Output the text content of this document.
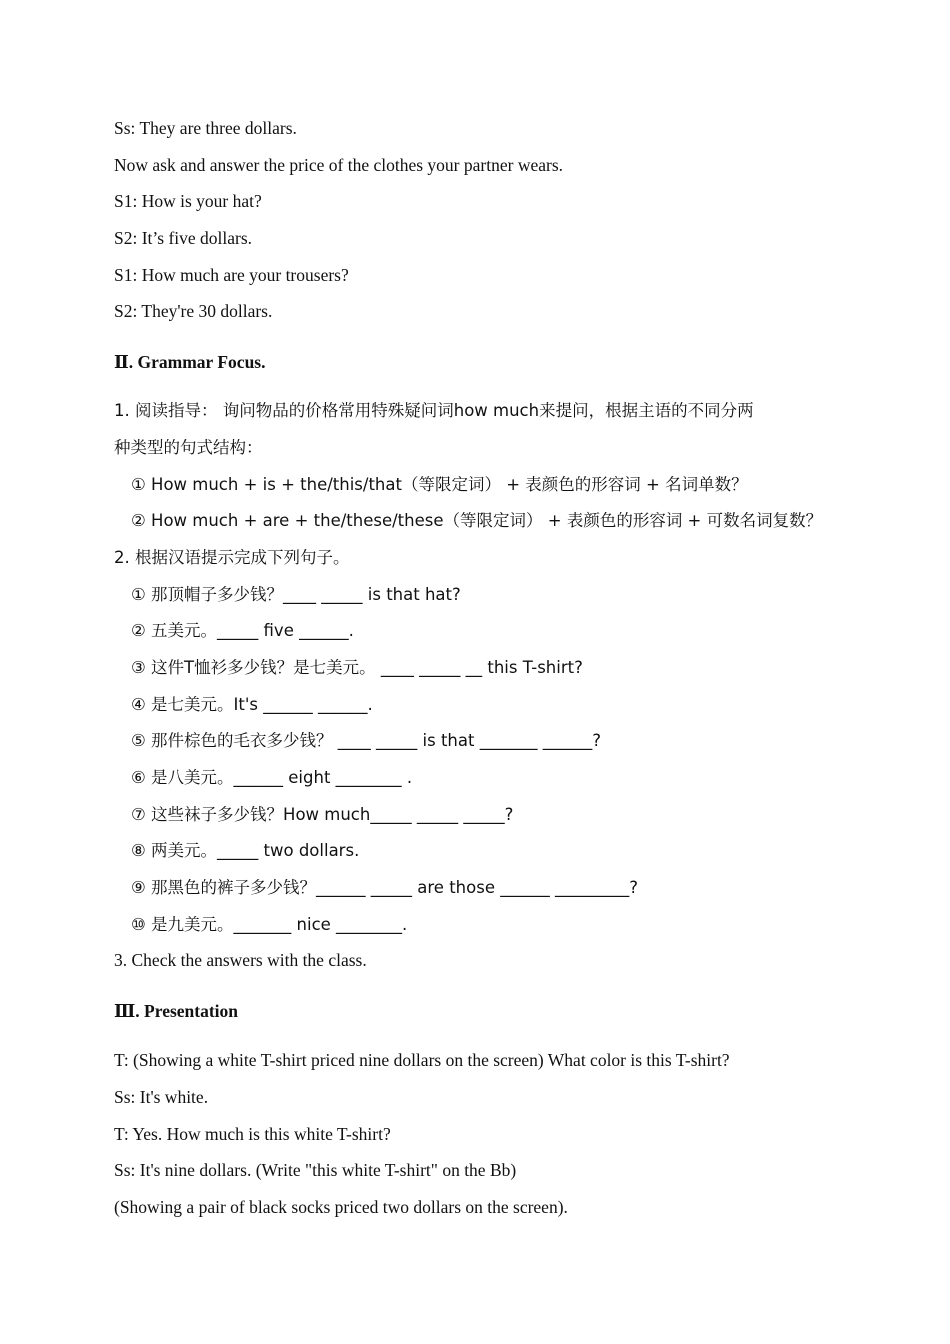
Ss: They are three dollars.
Now ask and answer the price of the clothes your partner wears.
S1: How is your hat?
S2: It’s five dollars.
S1: How much are your trousers?
S2: They're 30 dollars.
Ⅱ. Grammar Focus.
1. 阅读指导： 询问物品的价格常用特殊疑问词how much来提问，根据主语的不同分两
种类型的句式结构：
① How much + is + the/this/that（等限定词） + 表颜色的形容词 + 名词单数？
② How much + are + the/these/these（等限定词） + 表颜色的形容词 + 可数名词复数？
2. 根据汉语提示完成下列句子。
① 那顶帽子多少钱？____ _____ is that hat?
② 五美元。_____ five ______.
③ 这件T恤衫多少钱？是七美元。 ____ _____ __ this T-shirt?
④ 是七美元。It's ______ ______.
⑤ 那件棕色的毛衣多少钱？ ____ _____ is that _______ ______?
⑥ 是八美元。______ eight ________ .
⑦ 这些袜子多少钱？How much_____ _____ _____?
⑧ 两美元。_____ two dollars.
⑨ 那黑色的裤子多少钱？______ _____ are those ______ _________?
⑩ 是九美元。_______ nice ________.
3. Check the answers with the class.
Ⅲ. Presentation
T: (Showing a white T-shirt priced nine dollars on the screen) What color is this T-shirt?
Ss: It's white.
T: Yes. How much is this white T-shirt?
Ss: It's nine dollars. (Write "this white T-shirt" on the Bb)
(Showing a pair of black socks priced two dollars on the screen).
